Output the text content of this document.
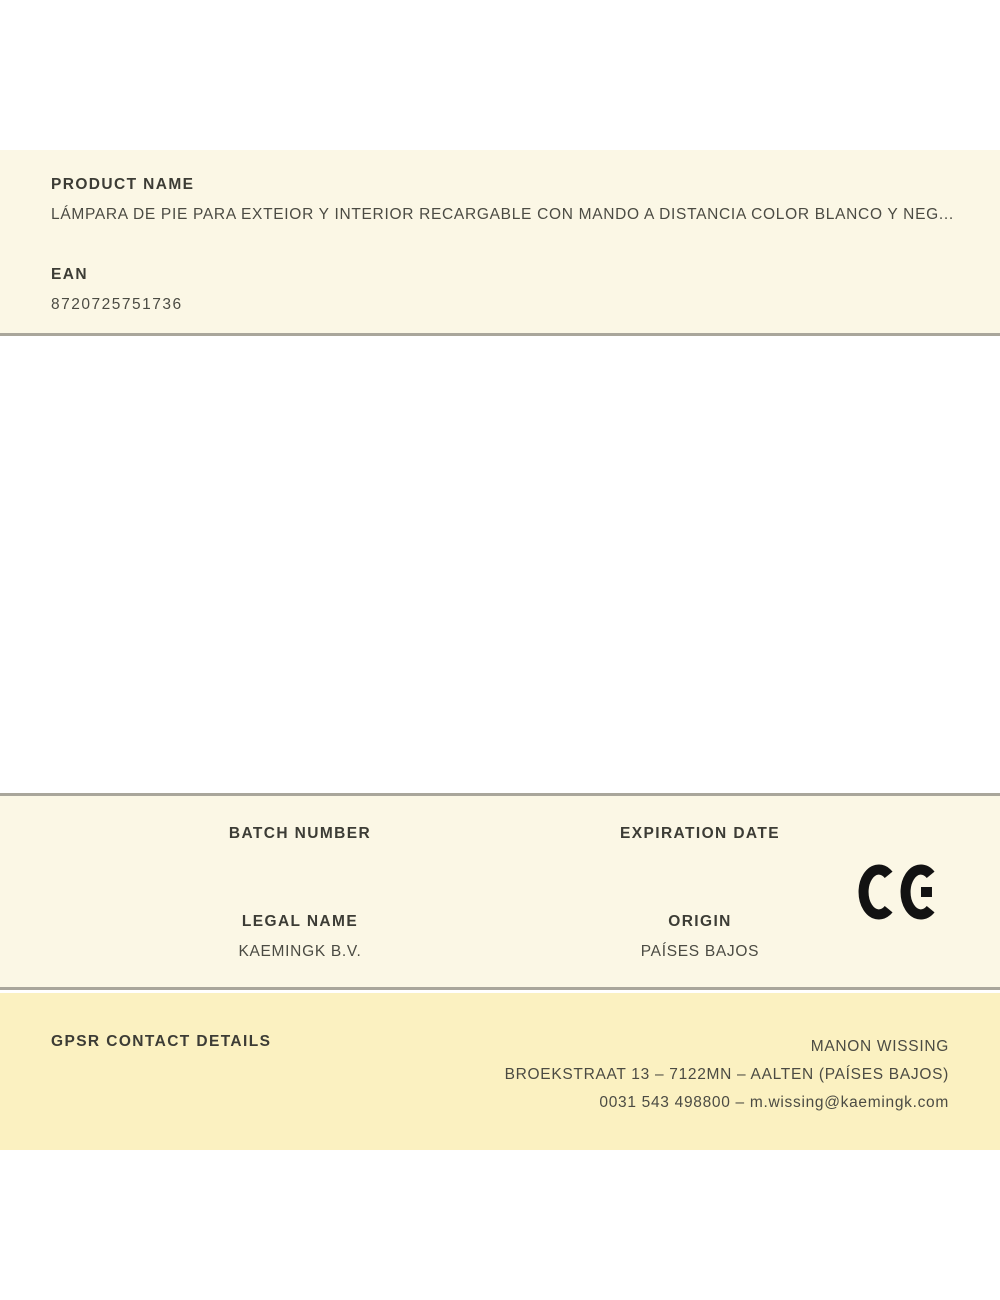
PRODUCT NAME
LÁMPARA DE PIE PARA EXTEIOR Y INTERIOR RECARGABLE CON MANDO A DISTANCIA COLOR BLANCO Y NEG...
EAN
8720725751736
BATCH NUMBER	EXPIRATION DATE
LEGAL NAME
KAEMINGK B.V.
ORIGIN
PAÍSES BAJOS
GPSR CONTACT DETAILS	MANON WISSING
BROEKSTRAAT 13 – 7122MN – AALTEN (PAÍSES BAJOS)
0031 543 498800 – m.wissing@kaemingk.com
